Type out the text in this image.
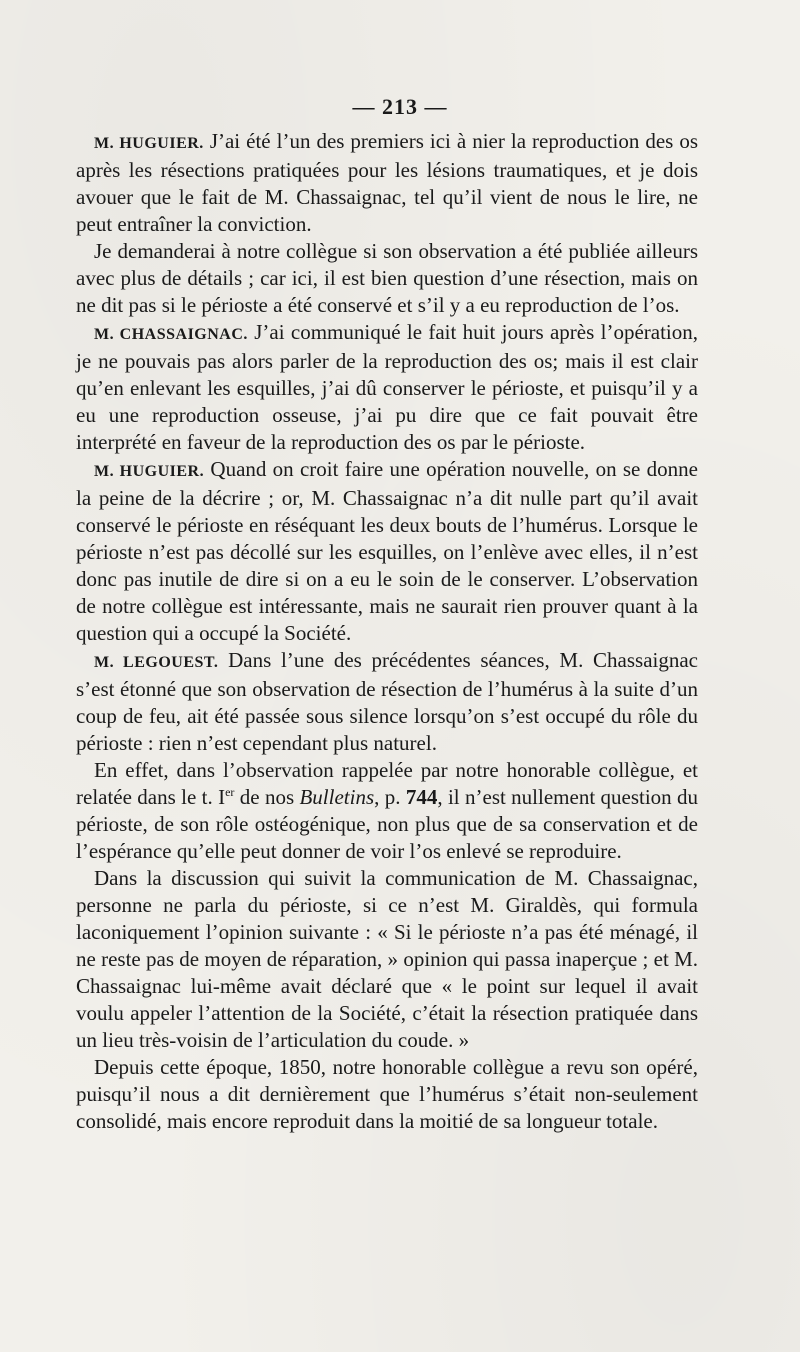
— 213 —

M. HUGUIER. J’ai été l’un des premiers ici à nier la reproduction des os après les résections pratiquées pour les lésions traumatiques, et je dois avouer que le fait de M. Chassaignac, tel qu’il vient de nous le lire, ne peut entraîner la conviction.

Je demanderai à notre collègue si son observation a été publiée ailleurs avec plus de détails ; car ici, il est bien question d’une résection, mais on ne dit pas si le périoste a été conservé et s’il y a eu reproduction de l’os.

M. CHASSAIGNAC. J’ai communiqué le fait huit jours après l’opération, je ne pouvais pas alors parler de la reproduction des os; mais il est clair qu’en enlevant les esquilles, j’ai dû conserver le périoste, et puisqu’il y a eu une reproduction osseuse, j’ai pu dire que ce fait pouvait être interprété en faveur de la reproduction des os par le périoste.

M. HUGUIER. Quand on croit faire une opération nouvelle, on se donne la peine de la décrire ; or, M. Chassaignac n’a dit nulle part qu’il avait conservé le périoste en réséquant les deux bouts de l’humérus. Lorsque le périoste n’est pas décollé sur les esquilles, on l’enlève avec elles, il n’est donc pas inutile de dire si on a eu le soin de le conserver. L’observation de notre collègue est intéressante, mais ne saurait rien prouver quant à la question qui a occupé la Société.

M. LEGOUEST. Dans l’une des précédentes séances, M. Chassaignac s’est étonné que son observation de résection de l’humérus à la suite d’un coup de feu, ait été passée sous silence lorsqu’on s’est occupé du rôle du périoste : rien n’est cependant plus naturel.

En effet, dans l’observation rappelée par notre honorable collègue, et relatée dans le t. Ier de nos Bulletins, p. 744, il n’est nullement question du périoste, de son rôle ostéogénique, non plus que de sa conservation et de l’espérance qu’elle peut donner de voir l’os enlevé se reproduire.

Dans la discussion qui suivit la communication de M. Chassaignac, personne ne parla du périoste, si ce n’est M. Giraldès, qui formula laconiquement l’opinion suivante : « Si le périoste n’a pas été ménagé, il ne reste pas de moyen de réparation, » opinion qui passa inaperçue ; et M. Chassaignac lui-même avait déclaré que « le point sur lequel il avait voulu appeler l’attention de la Société, c’était la résection pratiquée dans un lieu très-voisin de l’articulation du coude. »

Depuis cette époque, 1850, notre honorable collègue a revu son opéré, puisqu’il nous a dit dernièrement que l’humérus s’était non-seulement consolidé, mais encore reproduit dans la moitié de sa longueur totale.
